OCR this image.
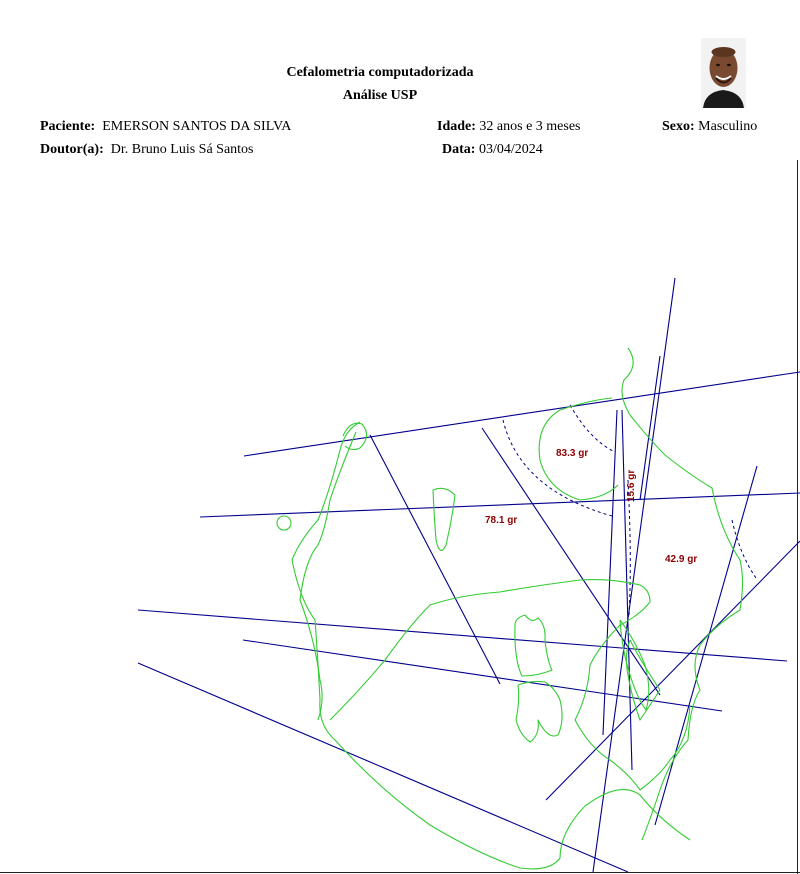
Cefalometria computadorizada
Análise USP
Paciente: EMERSON SANTOS DA SILVA	Idade: 32 anos e 3 meses	Sexo: Masculino
Doutor(a): Dr. Bruno Luis Sá Santos	Data: 03/04/2024
83.3 gr
15.6 gr
78.1 gr
42.9 gr
